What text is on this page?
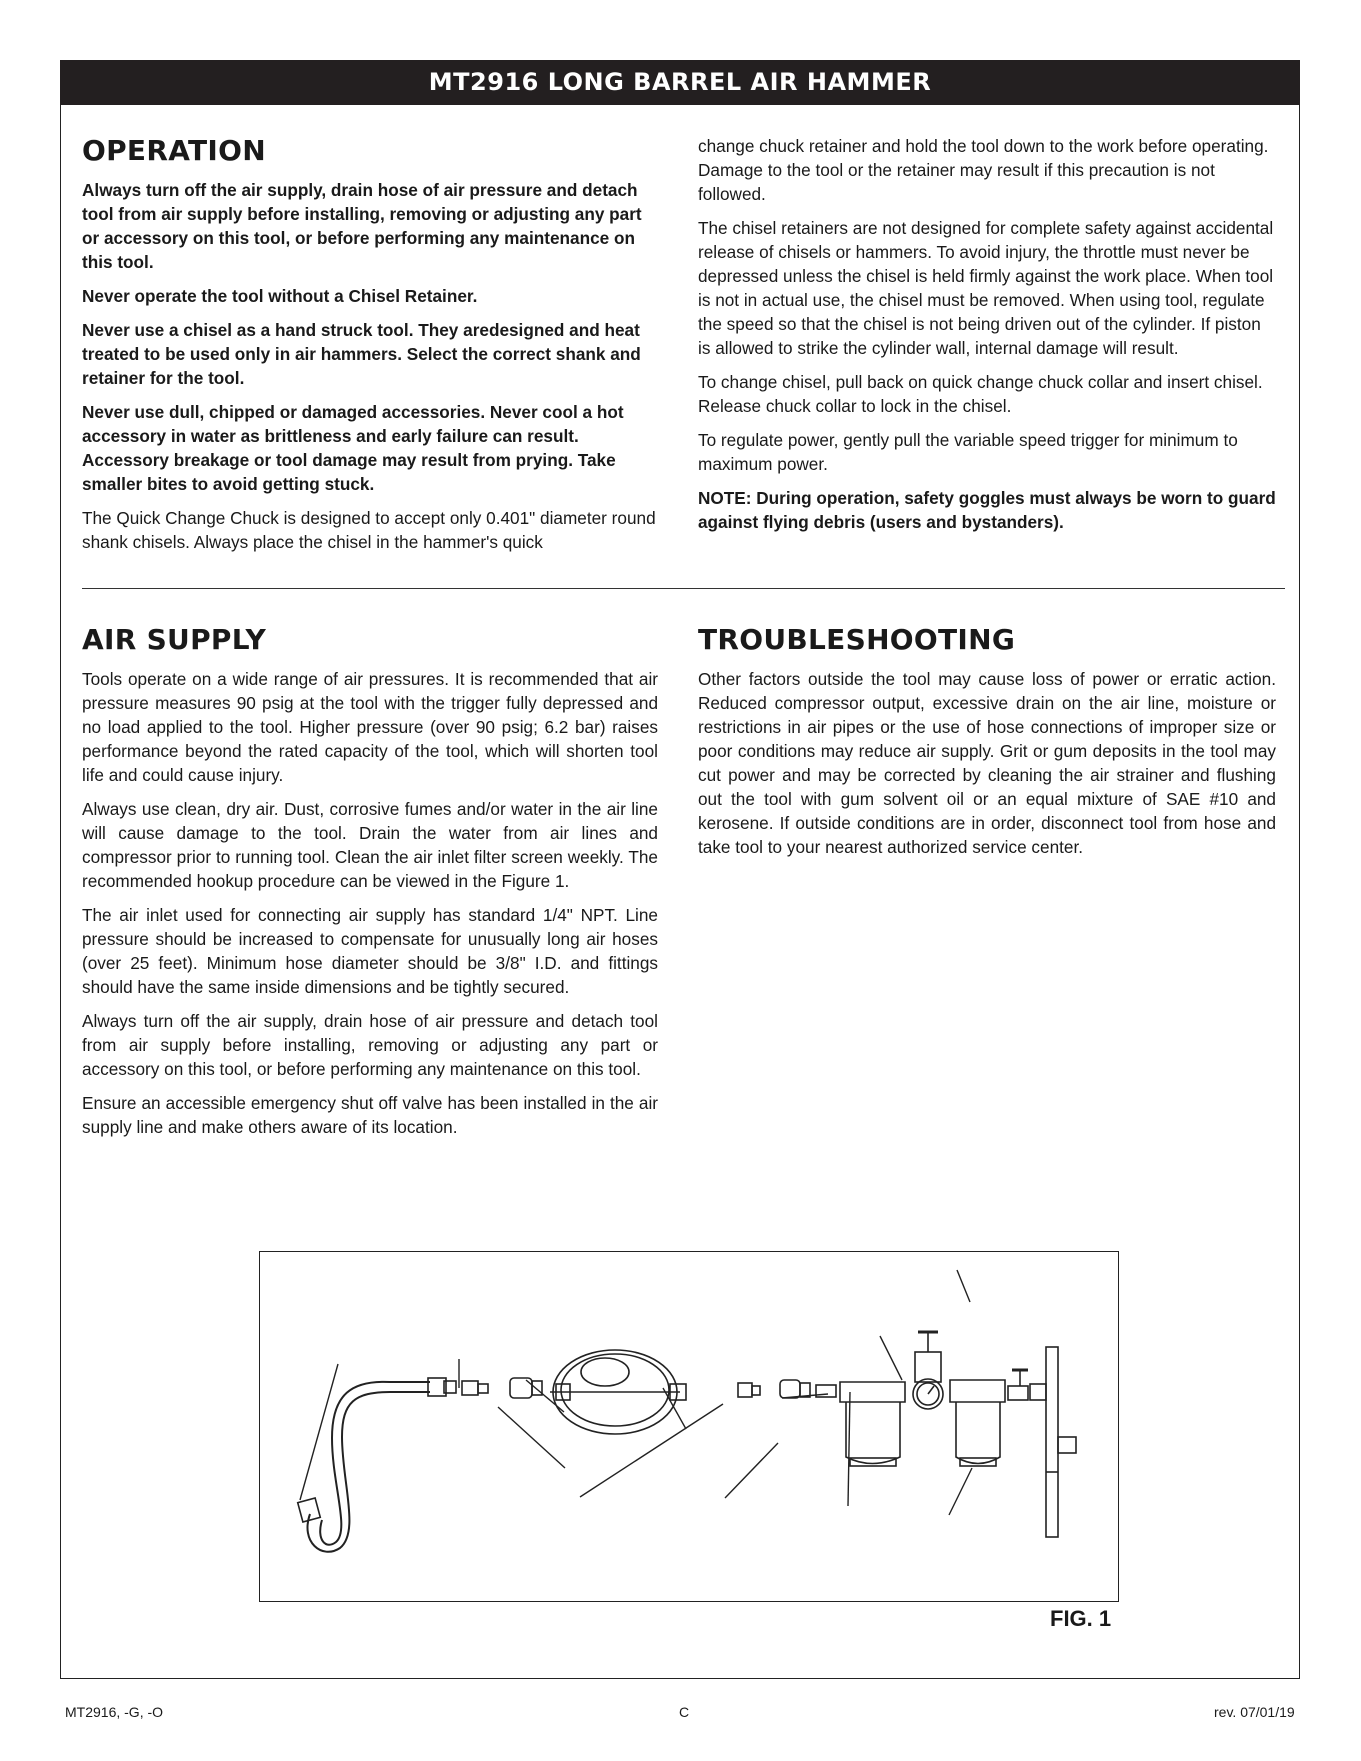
MT2916 LONG BARREL AIR HAMMER
OPERATION

Always turn off the air supply, drain hose of air pressure and detach tool from air supply before installing, removing or adjusting any part or accessory on this tool, or before performing any maintenance on this tool.

Never operate the tool without a Chisel Retainer.

Never use a chisel as a hand struck tool. They aredesigned and heat treated to be used only in air hammers. Select the correct shank and retainer for the tool.

Never use dull, chipped or damaged accessories. Never cool a hot accessory in water as brittleness and early failure can result. Accessory breakage or tool damage may result from prying. Take smaller bites to avoid getting stuck.

The Quick Change Chuck is designed to accept only 0.401" diameter round shank chisels. Always place the chisel in the hammer's quick

change chuck retainer and hold the tool down to the work before operating. Damage to the tool or the retainer may result if this precaution is not followed.

The chisel retainers are not designed for complete safety against accidental release of chisels or hammers. To avoid injury, the throttle must never be depressed unless the chisel is held firmly against the work place. When tool is not in actual use, the chisel must be removed. When using tool, regulate the speed so that the chisel is not being driven out of the cylinder. If piston is allowed to strike the cylinder wall, internal damage will result.

To change chisel, pull back on quick change chuck collar and insert chisel. Release chuck collar to lock in the chisel.

To regulate power, gently pull the variable speed trigger for minimum to maximum power.

NOTE: During operation, safety goggles must always be worn to guard against flying debris (users and bystanders).

AIR SUPPLY

Tools operate on a wide range of air pressures. It is recommended that air pressure measures 90 psig at the tool with the trigger fully depressed and no load applied to the tool. Higher pressure (over 90 psig; 6.2 bar) raises performance beyond the rated capacity of the tool, which will shorten tool life and could cause injury.

Always use clean, dry air. Dust, corrosive fumes and/or water in the air line will cause damage to the tool. Drain the water from air lines and compressor prior to running tool. Clean the air inlet filter screen weekly. The recommended hookup procedure can be viewed in the Figure 1.

The air inlet used for connecting air supply has standard 1/4" NPT. Line pressure should be increased to compensate for unusually long air hoses (over 25 feet). Minimum hose diameter should be 3/8" I.D. and fittings should have the same inside dimensions and be tightly secured.

Always turn off the air supply, drain hose of air pressure and detach tool from air supply before installing, removing or adjusting any part or accessory on this tool, or before performing any maintenance on this tool.

Ensure an accessible emergency shut off valve has been installed in the air supply line and make others aware of its location.

TROUBLESHOOTING

Other factors outside the tool may cause loss of power or erratic action. Reduced compressor output, excessive drain on the air line, moisture or restrictions in air pipes or the use of hose connections of improper size or poor conditions may reduce air supply. Grit or gum deposits in the tool may cut power and may be corrected by cleaning the air strainer and flushing out the tool with gum solvent oil or an equal mixture of SAE #10 and kerosene. If outside conditions are in order, disconnect tool from hose and take tool to your nearest authorized service center.

FIG. 1
MT2916, -G, -O	C	rev. 07/01/19
